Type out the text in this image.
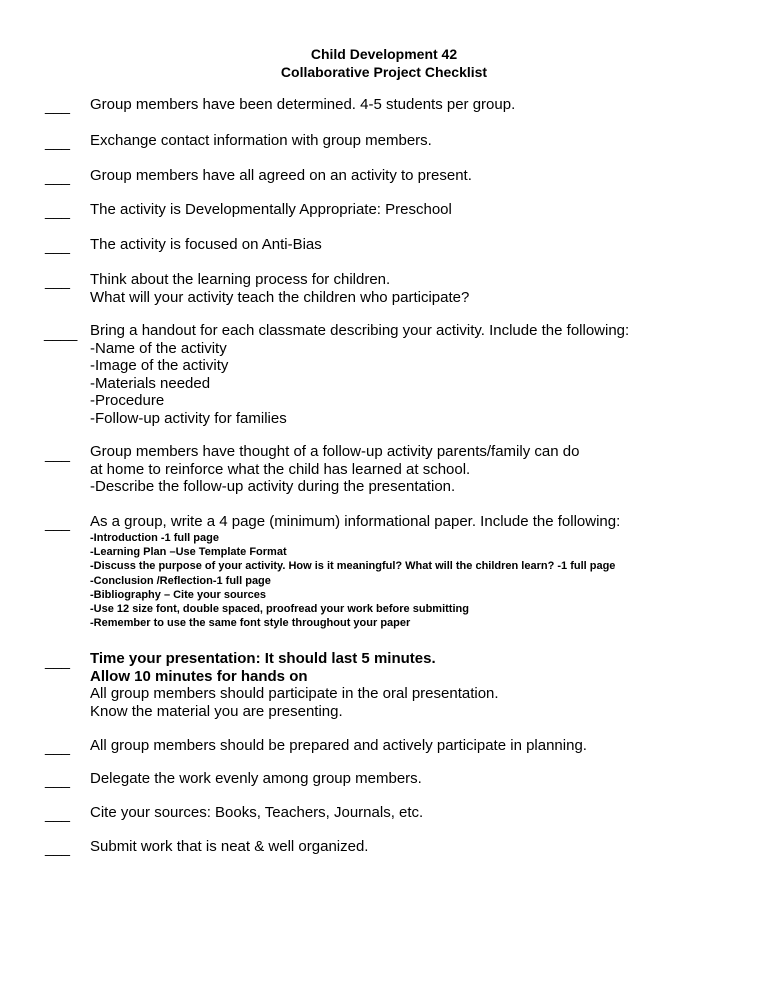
Child Development 42
Collaborative Project Checklist
___ Group members have been determined. 4-5 students per group.
___ Exchange contact information with group members.
___ Group members have all agreed on an activity to present.
___ The activity is Developmentally Appropriate: Preschool
___ The activity is focused on Anti-Bias
___ Think about the learning process for children.
What will your activity teach the children who participate?
____ Bring a handout for each classmate describing your activity. Include the following:
-Name of the activity
-Image of the activity
-Materials needed
-Procedure
-Follow-up activity for families
___ Group members have thought of a follow-up activity parents/family can do
at home to reinforce what the child has learned at school.
-Describe the follow-up activity during the presentation.
___ As a group, write a 4 page (minimum) informational paper. Include the following:
-Introduction -1 full page
-Learning Plan –Use Template Format
-Discuss the purpose of your activity. How is it meaningful? What will the children learn? -1 full page
-Conclusion /Reflection-1 full page
-Bibliography – Cite your sources
-Use 12 size font, double spaced, proofread your work before submitting
-Remember to use the same font style throughout your paper
___ Time your presentation: It should last 5 minutes.
Allow 10 minutes for hands on
All group members should participate in the oral presentation.
Know the material you are presenting.
___ All group members should be prepared and actively participate in planning.
___ Delegate the work evenly among group members.
___ Cite your sources: Books, Teachers, Journals, etc.
___ Submit work that is neat & well organized.
